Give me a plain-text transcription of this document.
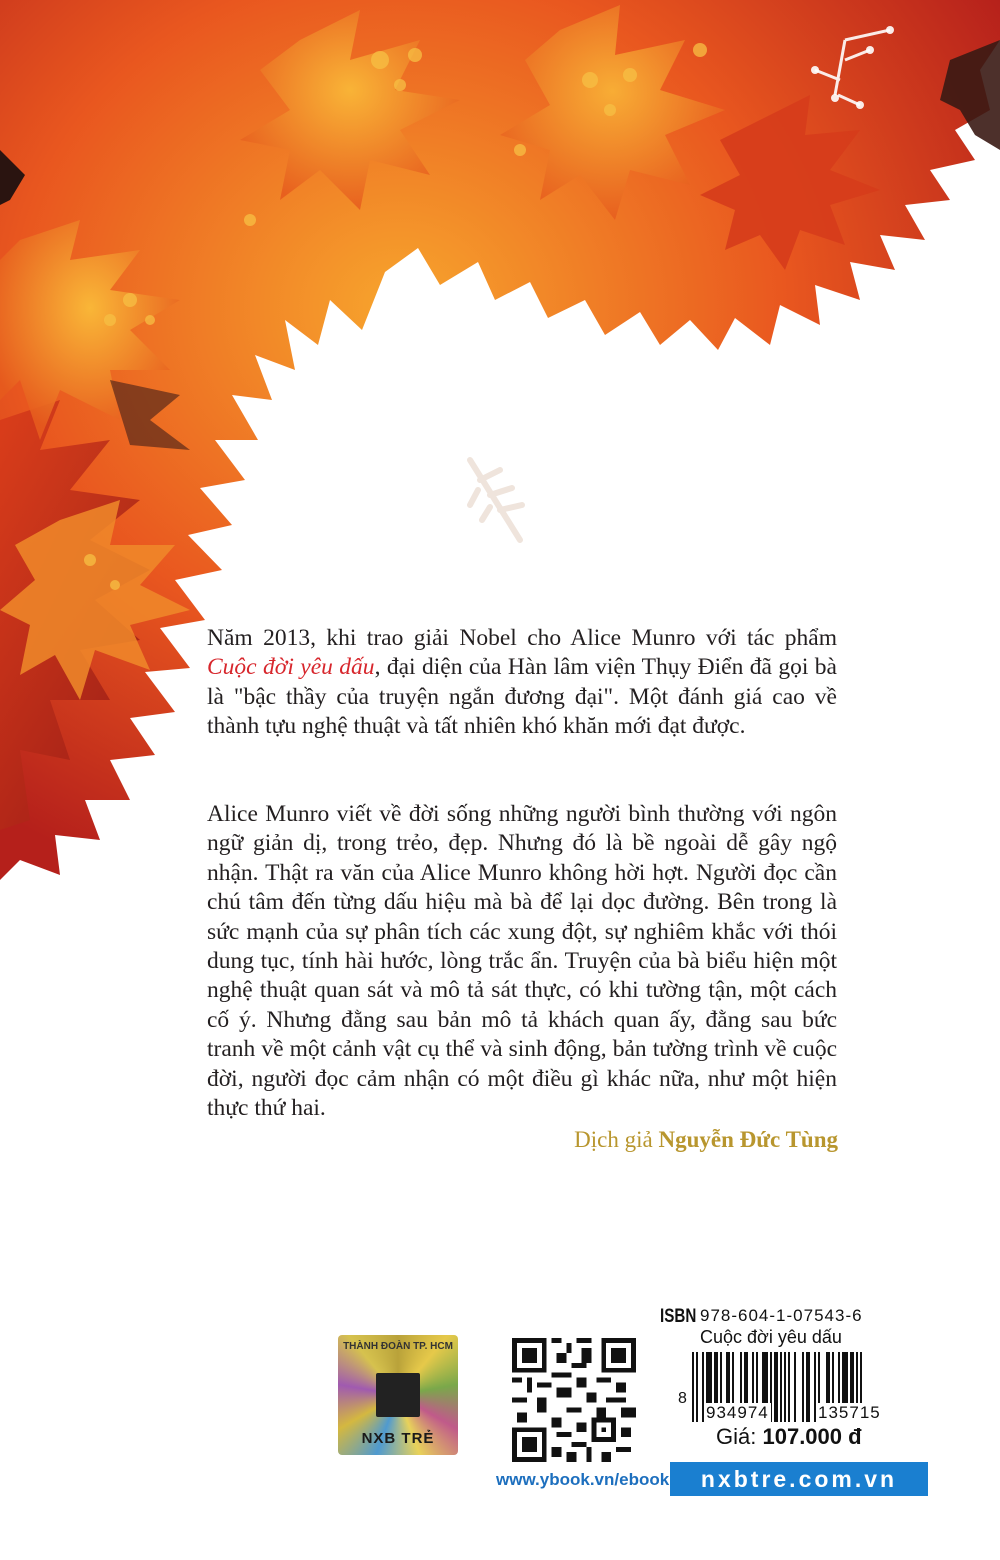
Năm 2013, khi trao giải Nobel cho Alice Munro với tác phẩm Cuộc đời yêu dấu, đại diện của Hàn lâm viện Thụy Điển đã gọi bà là "bậc thầy của truyện ngắn đương đại". Một đánh giá cao về thành tựu nghệ thuật và tất nhiên khó khăn mới đạt được.
Alice Munro viết về đời sống những người bình thường với ngôn ngữ giản dị, trong trẻo, đẹp. Nhưng đó là bề ngoài dễ gây ngộ nhận. Thật ra văn của Alice Munro không hời hợt. Người đọc cần chú tâm đến từng dấu hiệu mà bà để lại dọc đường. Bên trong là sức mạnh của sự phân tích các xung đột, sự nghiêm khắc với thói dung tục, tính hài hước, lòng trắc ẩn. Truyện của bà biểu hiện một nghệ thuật quan sát và mô tả sát thực, có khi tường tận, một cách cố ý. Nhưng đằng sau bản mô tả khách quan ấy, đằng sau bức tranh về một cảnh vật cụ thể và sinh động, bản tường trình về cuộc đời, người đọc cảm nhận có một điều gì khác nữa, như một hiện thực thứ hai.
Dịch giả Nguyễn Đức Tùng
THÀNH ĐOÀN TP. HCM
NXB TRẺ
www.ybook.vn/ebook
ISBN 978-604-1-07543-6
Cuộc đời yêu dấu
8
934974	135715
Giá: 107.000 đ
nxbtre.com.vn
